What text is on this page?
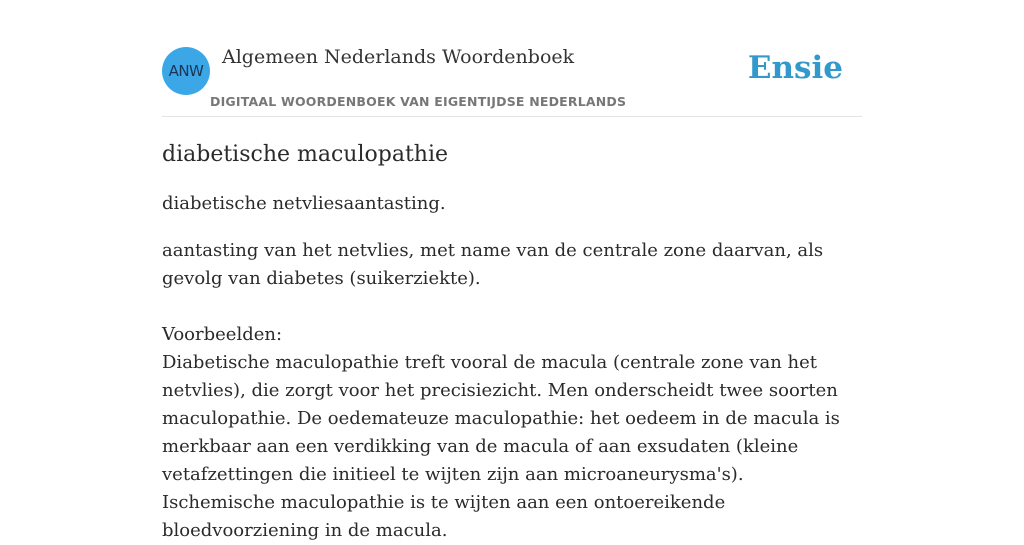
ANW
Algemeen Nederlands Woordenboek
DIGITAAL WOORDENBOEK VAN EIGENTIJDSE NEDERLANDS
Ensie
diabetische maculopathie

diabetische netvliesaantasting.

aantasting van het netvlies, met name van de centrale zone daarvan, als gevolg van diabetes (suikerziekte).

Voorbeelden:

Diabetische maculopathie treft vooral de macula (centrale zone van het netvlies), die zorgt voor het precisiezicht. Men onderscheidt twee soorten maculopathie. De oedemateuze maculopathie: het oedeem in de macula is merkbaar aan een verdikking van de macula of aan exsudaten (kleine vetafzettingen die initieel te wijten zijn aan microaneurysma's). Ischemische maculopathie is te wijten aan een ontoereikende bloedvoorziening in de macula.
